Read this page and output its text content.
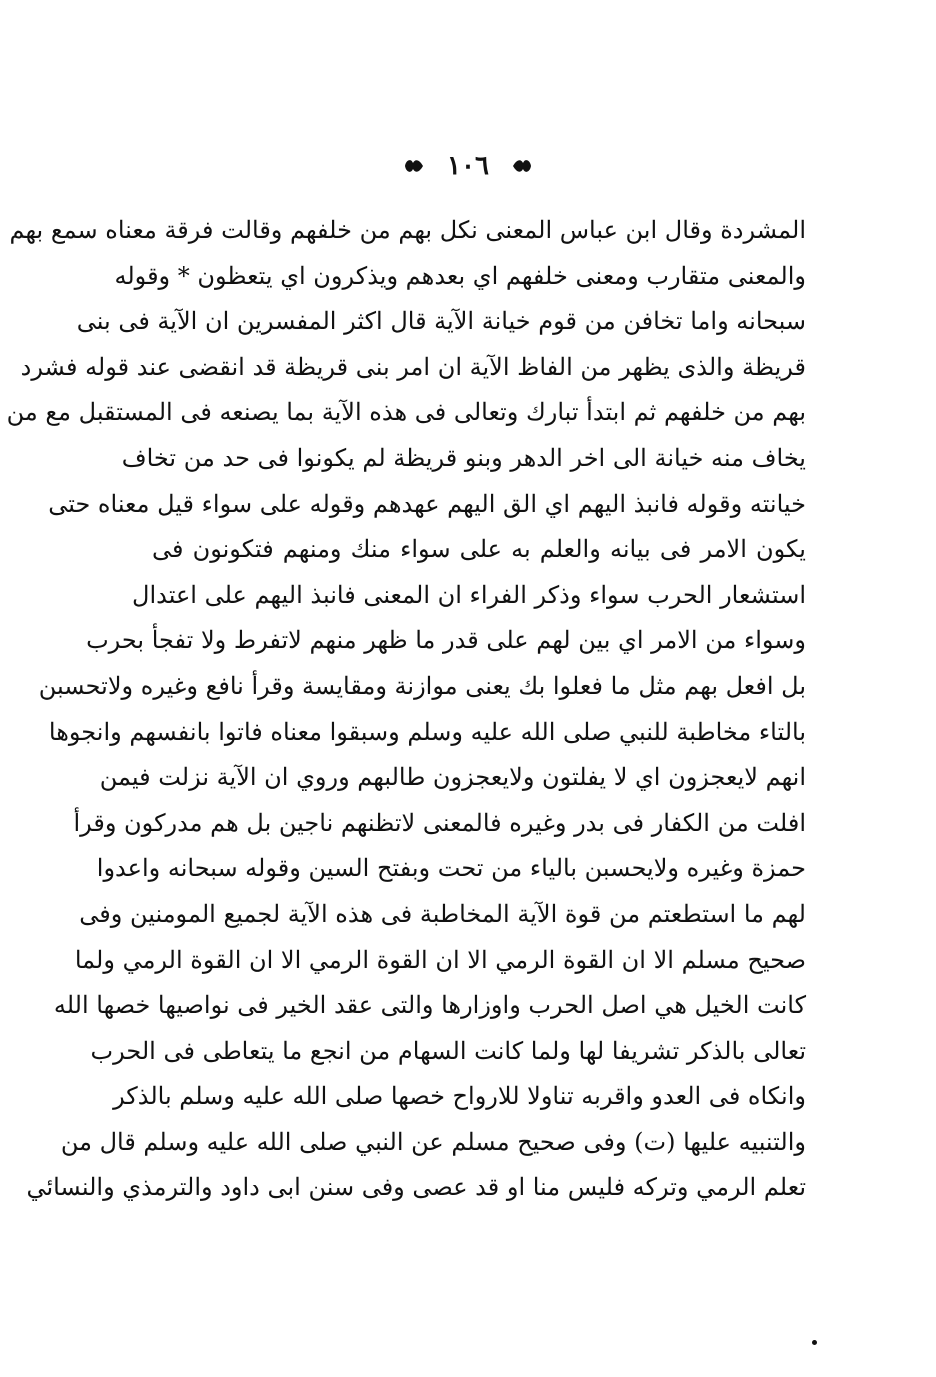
١٠٦
المشردة وقال ابن عباس المعنى نكل بهم من خلفهم وقالت فرقة معناه سمع بهم
والمعنى متقارب ومعنى خلفهم اي بعدهم ويذكرون اي يتعظون * وقوله
سبحانه واما تخافن من قوم خيانة الآية قال اكثر المفسرين ان الآية فى بنى
قريظة والذى يظهر من الفاظ الآية ان امر بنى قريظة قد انقضى عند قوله فشرد
بهم من خلفهم ثم ابتدأ تبارك وتعالى فى هذه الآية بما يصنعه فى المستقبل مع من
يخاف منه خيانة الى اخر الدهر وبنو قريظة لم يكونوا فى حد من تخاف
خيانته وقوله فانبذ اليهم اي الق اليهم عهدهم وقوله على سواء قيل معناه حتى
يكون الامر فى بيانه والعلم به على سواء منك ومنهم فتكونون فى
استشعار الحرب سواء وذكر الفراء ان المعنى فانبذ اليهم على اعتدال
وسواء من الامر اي بين لهم على قدر ما ظهر منهم لاتفرط ولا تفجأ بحرب
بل افعل بهم مثل ما فعلوا بك يعنى موازنة ومقايسة وقرأ نافع وغيره ولاتحسبن
بالتاء مخاطبة للنبي صلى الله عليه وسلم وسبقوا معناه فاتوا بانفسهم وانجوها
انهم لايعجزون اي لا يفلتون ولايعجزون طالبهم وروي ان الآية نزلت فيمن
افلت من الكفار فى بدر وغيره فالمعنى لاتظنهم ناجين بل هم مدركون وقرأ
حمزة وغيره ولايحسبن بالياء من تحت وبفتح السين وقوله سبحانه واعدوا
لهم ما استطعتم من قوة الآية المخاطبة فى هذه الآية لجميع المومنين وفى
صحيح مسلم الا ان القوة الرمي الا ان القوة الرمي الا ان القوة الرمي ولما
كانت الخيل هي اصل الحرب واوزارها والتى عقد الخير فى نواصيها خصها الله
تعالى بالذكر تشريفا لها ولما كانت السهام من انجع ما يتعاطى فى الحرب
وانكاه فى العدو واقربه تناولا للارواح خصها صلى الله عليه وسلم بالذكر
والتنبيه عليها (ت) وفى صحيح مسلم عن النبي صلى الله عليه وسلم قال من
تعلم الرمي وتركه فليس منا او قد عصى وفى سنن ابى داود والترمذي والنسائي
